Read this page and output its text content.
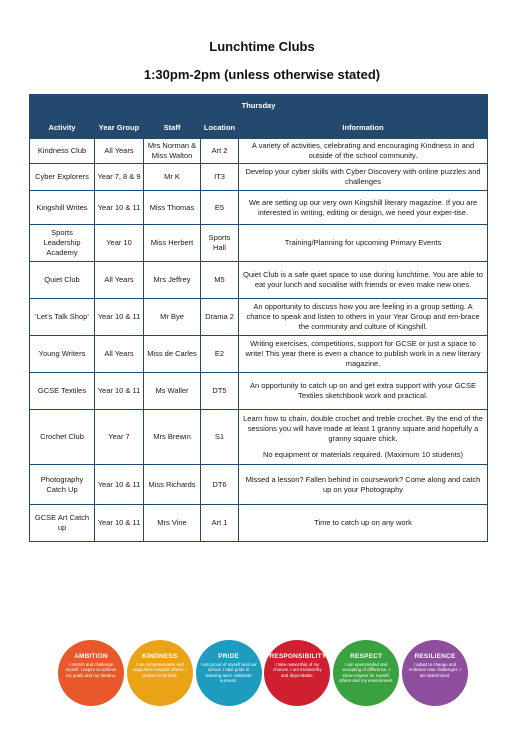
Lunchtime Clubs
1:30pm-2pm (unless otherwise stated)
Thursday				
Activity	Year Group	Staff	Location	Information
Kindness Club	All Years	Mrs Norman & Miss Walton	Art 2	A variety of activities, celebrating and encouraging Kindness in and outside of the school community.

Cyber Explorers	Year 7, 8 & 9	Mr K	IT3	Develop your cyber skills with Cyber Discovery with online puzzles and challenges

Kingshill Writes	Year 10 & 11	Miss Thomas	E5	We are setting up our very own Kingshill literary magazine. If you are interested in writing, editing or design, we need your exper-tise.

Sports Leadership Academy	Year 10	Miss Herbert	Sports Hall	Training/Planning for upcoming Primary Events

Quiet Club	All Years	Mrs Jeffrey	M5	Quiet Club is a safe quiet space to use during lunchtime. You are able to eat your lunch and socialise with friends or even make new ones.

‘Let’s Talk Shop’	Year 10 & 11	Mr Bye	Drama 2	An opportunity to discuss how you are feeling in a group setting. A chance to speak and listen to others in your Year Group and em-brace the community and culture of Kingshill.

Young Writers	All Years	Miss de Carles	E2	Writing exercises, competitions, support for GCSE or just a space to write! This year there is even a chance to publish work in a new literary magazine.

GCSE Textiles	Year 10 & 11	Ms Waller	DT5	An opportunity to catch up on and get extra support with your GCSE Textiles sketchbook work and practical.

Crochet Club	Year 7	Mrs Brewin	S1	Learn how to chain, double crochet and treble crochet. By the end of the sessions you will have made at least 1 granny square and hopefully a granny square chick.
No equipment or materials required. (Maximum 10 students)

Photography Catch Up	Year 10 & 11	Miss Richards	DT6	Missed a lesson? Fallen behind in coursework? Come along and catch up on your Photography

GCSE Art Catch up	Year 10 & 11	Mrs Vine	Art 1	Time to catch up on any work
AMBITION
I stretch and challenge myself. I aspire to achieve my goals and my dreams.
KINDNESS
I am compassionate and supportive towards others. I choose to be kind.
PRIDE
I am proud of myself and our school. I take pride in learning and I celebrate success.
RESPONSIBILITY
I take ownership of my choices. I am trustworthy and dependable.
RESPECT
I am openminded and accepting of difference. I show respect for myself, others and my environment.
RESILIENCE
I adapt to change and embrace new challenges. I am determined.
